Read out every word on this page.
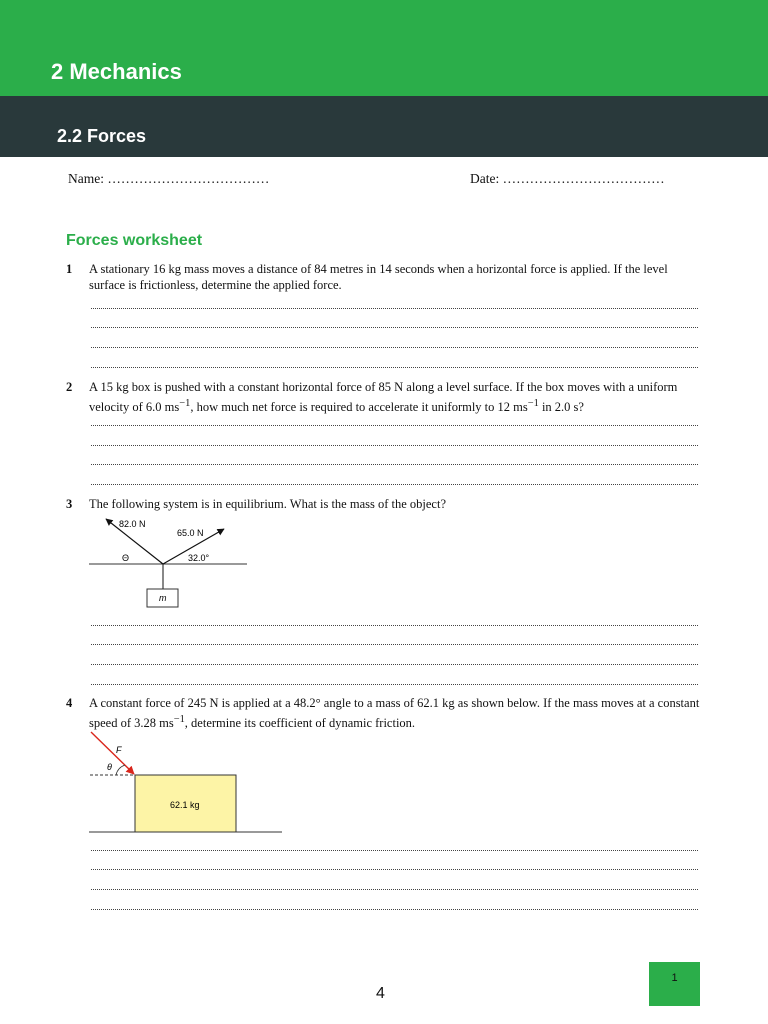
2 Mechanics
2.2 Forces
Name: ………………………………	Date: ………………………………
Forces worksheet
1 A stationary 16 kg mass moves a distance of 84 metres in 14 seconds when a horizontal force is applied. If the level surface is frictionless, determine the applied force.
2 A 15 kg box is pushed with a constant horizontal force of 85 N along a level surface. If the box moves with a uniform velocity of 6.0 $ms^{-1}$, how much net force is required to accelerate it uniformly to 12 $ms^{-1}$ in 2.0 s?
3 The following system is in equilibrium. What is the mass of the object?
82.0 N
65.0 N
Θ	32.0°
m
4 A constant force of 245 N is applied at a 48.2° angle to a mass of 62.1 kg as shown below. If the mass moves at a constant speed of 3.28 $ms^{-1}$, determine its coefficient of dynamic friction.
F
θ
62.1 kg
4
1
